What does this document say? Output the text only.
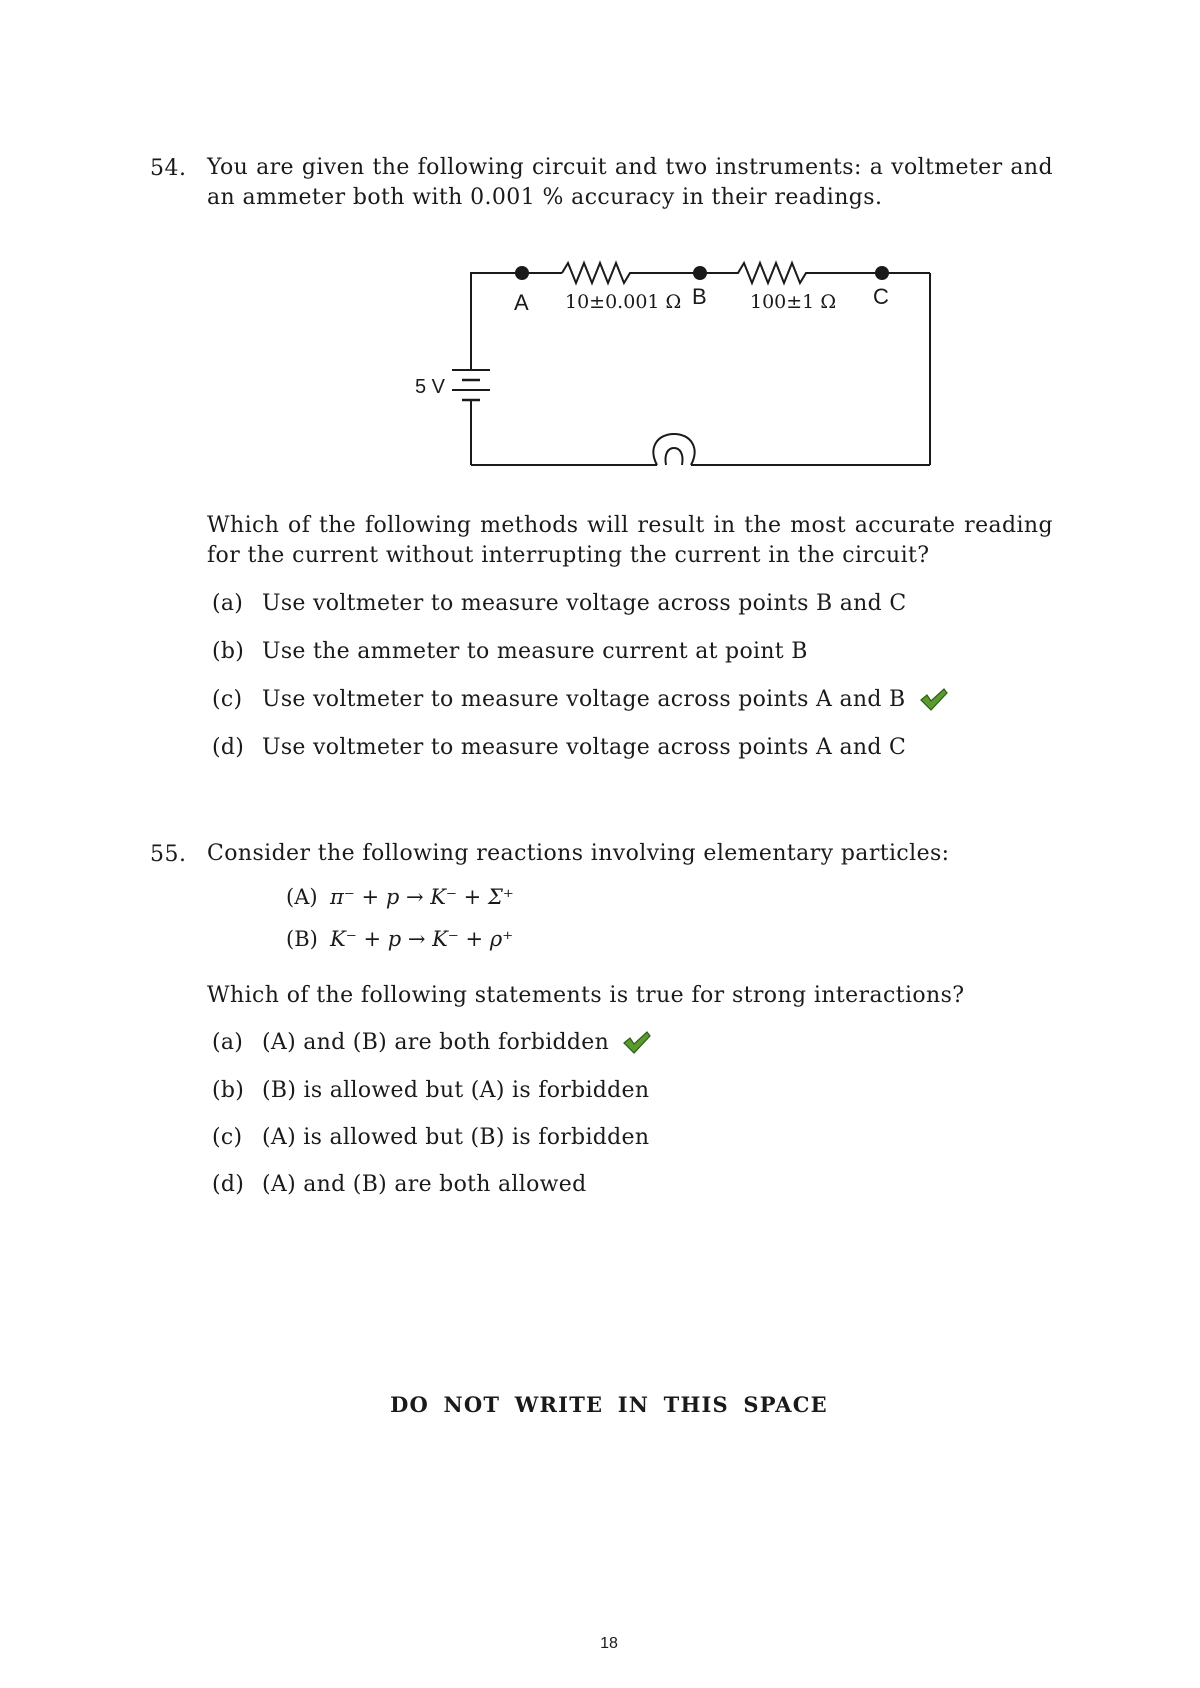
54. You are given the following circuit and two instruments: a voltmeter and an ammeter both with 0.001 % accuracy in their readings.
A	B	C
10±0.001 Ω	100±1 Ω
5 V
Which of the following methods will result in the most accurate reading for the current without interrupting the current in the circuit?
(a) Use voltmeter to measure voltage across points B and C
(b) Use the ammeter to measure current at point B
(c) Use voltmeter to measure voltage across points A and B
(d) Use voltmeter to measure voltage across points A and C
55. Consider the following reactions involving elementary particles:
(A) π⁻ + p → K⁻ + Σ⁺
(B) K⁻ + p → K⁻ + ρ⁺
Which of the following statements is true for strong interactions?
(a) (A) and (B) are both forbidden
(b) (B) is allowed but (A) is forbidden
(c) (A) is allowed but (B) is forbidden
(d) (A) and (B) are both allowed
DO NOT WRITE IN THIS SPACE
18
